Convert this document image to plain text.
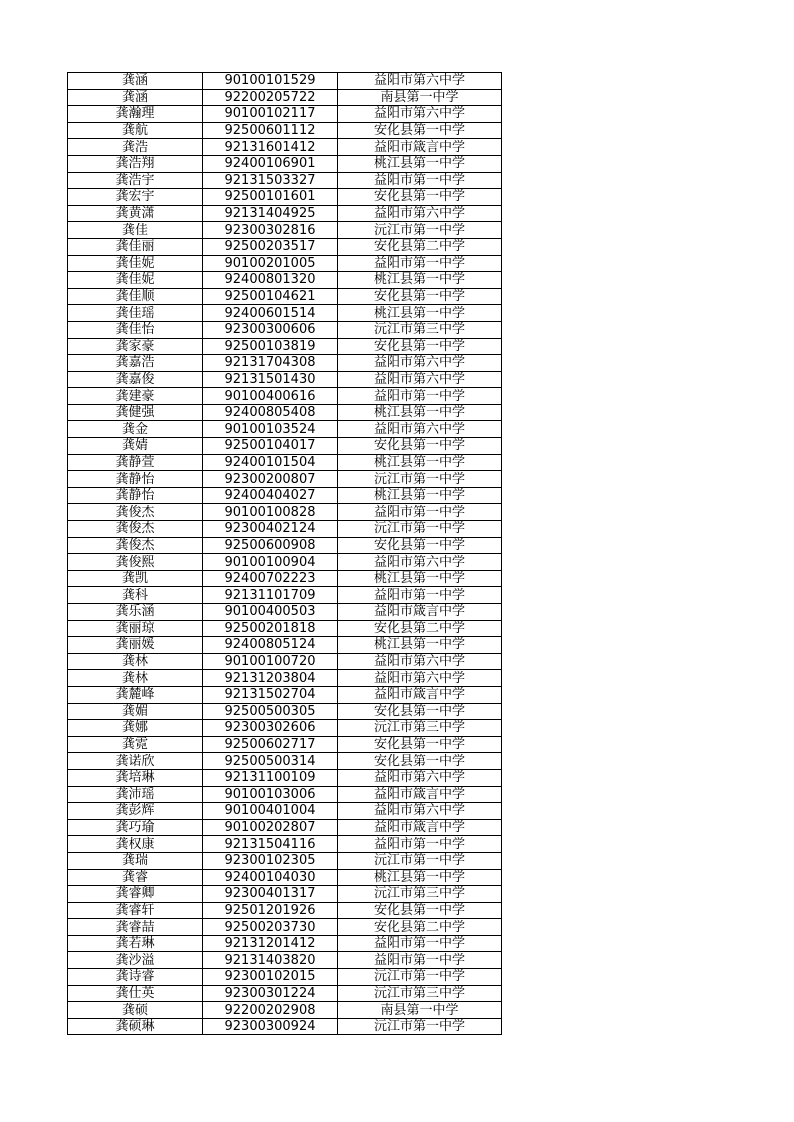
龚涵	90100101529	益阳市第六中学
龚涵	92200205722	南县第一中学
龚瀚理	90100102117	益阳市第六中学
龚航	92500601112	安化县第一中学
龚浩	92131601412	益阳市箴言中学
龚浩翔	92400106901	桃江县第一中学
龚浩宇	92131503327	益阳市第一中学
龚宏宇	92500101601	安化县第一中学
龚黄潇	92131404925	益阳市第六中学
龚佳	92300302816	沅江市第一中学
龚佳丽	92500203517	安化县第二中学
龚佳妮	90100201005	益阳市第一中学
龚佳妮	92400801320	桃江县第一中学
龚佳顺	92500104621	安化县第一中学
龚佳瑶	92400601514	桃江县第一中学
龚佳怡	92300300606	沅江市第三中学
龚家豪	92500103819	安化县第一中学
龚嘉浩	92131704308	益阳市第六中学
龚嘉俊	92131501430	益阳市第六中学
龚建豪	90100400616	益阳市第一中学
龚健强	92400805408	桃江县第一中学
龚金	90100103524	益阳市第六中学
龚婧	92500104017	安化县第一中学
龚静萱	92400101504	桃江县第一中学
龚静怡	92300200807	沅江市第一中学
龚静怡	92400404027	桃江县第一中学
龚俊杰	90100100828	益阳市第一中学
龚俊杰	92300402124	沅江市第一中学
龚俊杰	92500600908	安化县第一中学
龚俊熙	90100100904	益阳市第六中学
龚凯	92400702223	桃江县第一中学
龚科	92131101709	益阳市第一中学
龚乐涵	90100400503	益阳市箴言中学
龚丽琼	92500201818	安化县第二中学
龚丽媛	92400805124	桃江县第一中学
龚林	90100100720	益阳市第六中学
龚林	92131203804	益阳市第六中学
龚麓峰	92131502704	益阳市箴言中学
龚媚	92500500305	安化县第一中学
龚娜	92300302606	沅江市第三中学
龚霓	92500602717	安化县第一中学
龚诺欣	92500500314	安化县第一中学
龚培琳	92131100109	益阳市第六中学
龚沛瑶	90100103006	益阳市箴言中学
龚彭辉	90100401004	益阳市第六中学
龚巧瑜	90100202807	益阳市箴言中学
龚权康	92131504116	益阳市第一中学
龚瑞	92300102305	沅江市第一中学
龚睿	92400104030	桃江县第一中学
龚睿卿	92300401317	沅江市第三中学
龚睿轩	92501201926	安化县第一中学
龚睿喆	92500203730	安化县第二中学
龚若琳	92131201412	益阳市第一中学
龚沙溢	92131403820	益阳市第一中学
龚诗睿	92300102015	沅江市第一中学
龚仕英	92300301224	沅江市第三中学
龚硕	92200202908	南县第一中学
龚硕琳	92300300924	沅江市第一中学
